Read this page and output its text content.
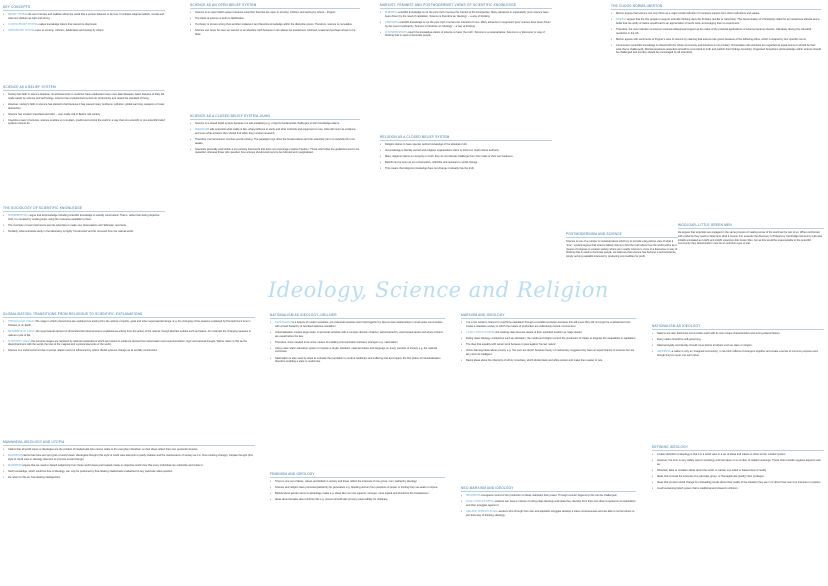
Ideology, Science and Religion
KEY CONCEPTS
• BELIEF SYSTEM–the set of stories and realities about the world that a person believes to be true. It includes religious beliefs, morals and what one defines as right and wrong.
• CLOSED BELIEF SYSTEM–makes knowledge claims that cannot be disproved.
• OPEN BELIEF SYSTEM–open to scrutiny, criticism, falsification and testing by others.
SCIENCE AS A BELIEF SYSTEM
• Society has faith in science because: its achievements in medicine have eradicated many once fatal diseases; basic features of daily life made easier by science and technology; science has revolutionised economic productivity and raised the standard of living.
• However, society's faith in science has started to fail because it has caused many problems: pollution, global warming; weapons of mass destruction.
• Science has created 'manufactured risks' – man-made risk to Beck's risk society.
• Cognitive power of science: science enables us to explain, predict and control the world in a way that non-scientific or pre-scientific belief systems cannot do.
THE SOCIOLOGY OF SCIENTIFIC KNOWLEDGE
• INTERPRETIVISTS argue that all knowledge including scientific knowledge is socially constructed. That is, rather than being objective truth, it is created by social groups using the resources available to them.
• The invention of new instruments permits scientists to make new observations and 'fabricate' new facts.
• Similarly, what scientists study in the laboratory is highly 'constructed' and far removed from the natural world.
GLOBALISATION: TRANSITIONS FROM RELIGIOUS TO SCIENTIFIC EXPLANATIONS
• THEOLOGICAL STAGE–The stage in which phenomena are explained as arising from the actions of spirits, gods and other supernatural beings. E.g. the changing of the seasons explained by Persephone's time in Tartarus or on Earth.
• METAPHYSICAL STAGE–the supernatural element is diminished and phenomena is explained as arising from the action of the natural, though abstract entities such as Nature. For example the changing seasons is natures cycle of life.
• SCIENTIFIC STAGE–the previous stages are replaced by rational explanations which are based on evidence derived from observation and experimentation, logic and rational thought. Weber refers to this as the disenchantment with the world–the loss of the magical and mystical elements of the world.
• Science is a social construct due to power relation and it is influenced by others. Belief systems change as its socially constructed.
MANNHEIM–IDEOLOGY AND UTOPIA
• Claims that all world views or ideologies are the product of intellectuals who cannot relate to the everyday individual, so their ideas reflect their own personal interests.
• MANNHEIM claims that there are two types of world views: ideological thought (this style of world view attempts to justify tradition and the maintenance of society as it is, thus resisting change); Utopian thought (this style of world view or ideology attempts to promote social change).
• MANNHEIM argues that we need to detach subjectivity from these world views and instead create an objective world view that every individual can subscribe and relate to.
• Such knowledge, which would be free of ideology, can only be produced by free-floating intellectuals unattached to any particular value position.
• He refers to this as 'free-floating intelligentsia'.
SCIENCE AS AN OPEN BELIEF SYSTEM
• Science is an open belief system because scientists' theories are open to scrutiny, criticism and testing by others – Popper.
• The basis of science is built on falsification.
• If a theory is proven wrong then another replaces it and therefore knowledge within the discipline grows. Therefore, science is cumulative.
• Science can never be seen as 'sacred' or an absolute truth because it can always be questioned, criticised, tested and perhaps shown to be false.
SCIENCE AS A CLOSED BELIEF SYSTEM–KUHN
• Science is a closed belief system because it is self-sustaining e.g. it rejects fundamental challenges to their knowledge-claims.
• PARADIGMS tells scientists what reality is like, what problems to study and what methods and equipment to use, what will count as evidence, and even what answers they should find when they conduct research.
• Therefore 'normal science' involves puzzle solving. The paradigm lays down the broad outlines and the scientists' job is to carefully fill in the details.
• Scientists generally work within a pre-existing framework that does not encourage creative freedom. Those who follow the guidelines tend to be rewarded, whereas those who question how science should work tend to be ridiculed and marginalised.
MARXIST, FEMINIST AND POSTMODERNIST VIEWS OF SCIENTIFIC KNOWLEDGE
• MARXISTS–scientific knowledge is not the pure truth it serves the interest of the bourgeoisie. Many advances in supposedly 'pure' science have been driven by the need of capitalism. Science is therefore an 'ideology' – a way of thinking.
• FEMINISTS–scientific knowledge is not the pure truth it serves the interests of men. Many advances in supposed 'pure' science have been driven by the need of patriarchy. Science is therefore an 'ideology' – a way of thinking.
• POSTMODERNISTS–reject the knowledge-claims of science to have 'the truth'. Science is a metanarrative. Science is a 'discourse' or way of thinking that is used to dominate people.
RELIGION AS A CLOSED BELIEF SYSTEM
• Religion claims to have special, perfect knowledge of the absolute truth.
• Its knowledge is literally sacred and religious organisations claim to hold it on God's divine authority.
• Many religions claims a monopoly on truth, they do not tolerate challenge from their rivals or their own believers.
• Beliefs can be seen as too conservative, inflexible and resistant to social change.
• This means that religious knowledge does not change–it already has the truth.
THE CUDOS NORMS–MERTON
• Merton argues that science can only thrive as a major social institution if it receives support from other institutions and values.
• MERTON argues that the first people to support scientific thinking were the Puritans (similar to Calvinists). This denomination of Christianity called for an industrious attitude and a belief that the study of nature would lead to an appreciation of God's work–encouraging them to experiment.
• Therefore, the new institution of science received widespread support as the value of the practical applications of science became obvious. Ultimately driving the industrial revolution in the UK.
• Merton agrees with sentiments of Popper's view of science by claiming that science has grown because of the following ethos, which is shaped by four specific norms.
• Communism (scientific knowledge is shared with the whole community and therefore is not private); Universalism (all scientists are regarded as equal and so it should be their work that is challenged); Disinterestedness (scientists should be committed to truth and publish their findings honestly); Organised Scepticism (all knowledge within science should be challenged and scrutiny should be encouraged by all scientists).
POSTMODERNISM AND SCIENCE
Science is one of a number of metanarratives which try to provide a big picture view of what it "true". Lyotard argues that science falsely claims to find the truth about how the world works as a means of progress to a better society where as in reality science is more of a discourse or way of thinking that is used to dominate people. He believes that science has become a technoscience; simply serving capitalist interests by producing commodities for profit.
WOOLGAR–LITTLE GREEN MEN
He argues that scientists are engaged in the same process of making sense of the world as the rest of us. When confronted with evidence they need to determine what it means. For example the discovery of Pulsars by Cambridge Astronomy Lab was initially annotated as LGM1 and LGM2 meaning Little Green Men, but as this would be unacceptable to the scientific community they determined it must be an unknown type of star.
NATIONALISM AS IDEOLOGY–GELLNER
• NATIONALISM is a feature of modern societies; pre-industrial societies were held together by face-to-face relationships in small scale communities with a fixed hierarchy of ascribed statuses–feudalism.
• Industrialisation creates large-scale, impersonal societies with a complex division of labour, administered by vast bureaucracies and where citizens are equal before the law.
• Therefore, there needed to be some means of enabling communication between strangers e.g. nationalism.
• Using mass 'state' education system to impose a single, standard, national culture and language on every member of society e.g. the national curriculum.
• Nationalism is also used by elites to motivate the population to endure hardships and suffering that accompany the first phase of industrialisation therefore enabling a state to modernise.
FEMINISM AND IDEOLOGY
• There is one set of ideas, values and beliefs in society and these reflect the interests of one group: men 'patriarchy ideology'.
• Science and religion have promoted patriarchy for generation e.g. blocking women from positions of power or limiting them as weak or impure.
• Beliefs about gender serve to advantage males e.g. ideas like men are superior, stronger, more logical and should be the breadwinner.
• Ideas about females also reinforce this e.g. women should take primary responsibility for childcare.
MARXISM AND IDEOLOGY
• It is in the worker's interest to overthrow capitalism through a socialist revolution because this will mean they will no longer be exploited and can create a classless society in which the means of production are collectively owned–communism.
• CLASS CONSCIOUSNESS–the working class become aware of their exploited position as 'wage slaves'.
• Ruling class ideology–institutions such as education, the media and religion control the production of 'ideas' to disguise the inequalities in capitalism.
• The idea that equality with owner work because it goes against 'human nature'.
• Victim blaming ideas about poverty e.g. 'the poor are dumb' because theory of meritocracy suggests they have an equal chance of success but are lazy and not intelligent.
• Racist ideas about the inferiority of ethnic minorities, which divide black and white worker and make them easier to rule.
NEO-MARXISM AND IDEOLOGY
• HEGEMONY–bourgeois control of the production of ideas maintains their power. Through counter hegemony this can be challenged.
• DUAL CONSCIOUSNESS–workers can have a mixture of ruling-class ideology and ideas they develop from their own direct experience of exploitation and their struggles against it.
• ORGANIC INTELLECTUALS–workers who through their own anti-capitalist struggles develop a class consciousness and are able to recruit others to join their way of thinking–ideology.
NATIONALISM AS IDEOLOGY
• Nations are real, distinctive communities each with its own unique characteristics and a long-shared history.
• Every nation should be self-governing.
• National loyalty and identity should come before all others such as class or religion.
• ANDERSON–a nation is only an 'imagined community', it can bind millions of strangers together and create a sense of common purpose even though they've never met each other.
DEFINING IDEOLOGY
• A basic definition of ideology is that it is a world view or a set of ideas and values to other words; a belief system.
• However, the term is very widely used in sociology and has taken on a number of related meanings. These often include negative aspects such as:
• Distorted, false or mistaken ideas about the world, or partial, one-sided or biased view of reality.
• Ideas that conceal the interests of a particular group, or that legitimate (justify) their privileges.
• Ideas that prevent social change by misleading people about their reality of the situation they are in or about their own true interests or position.
• A self-sustaining belief system that is traditional and closed to criticism.
